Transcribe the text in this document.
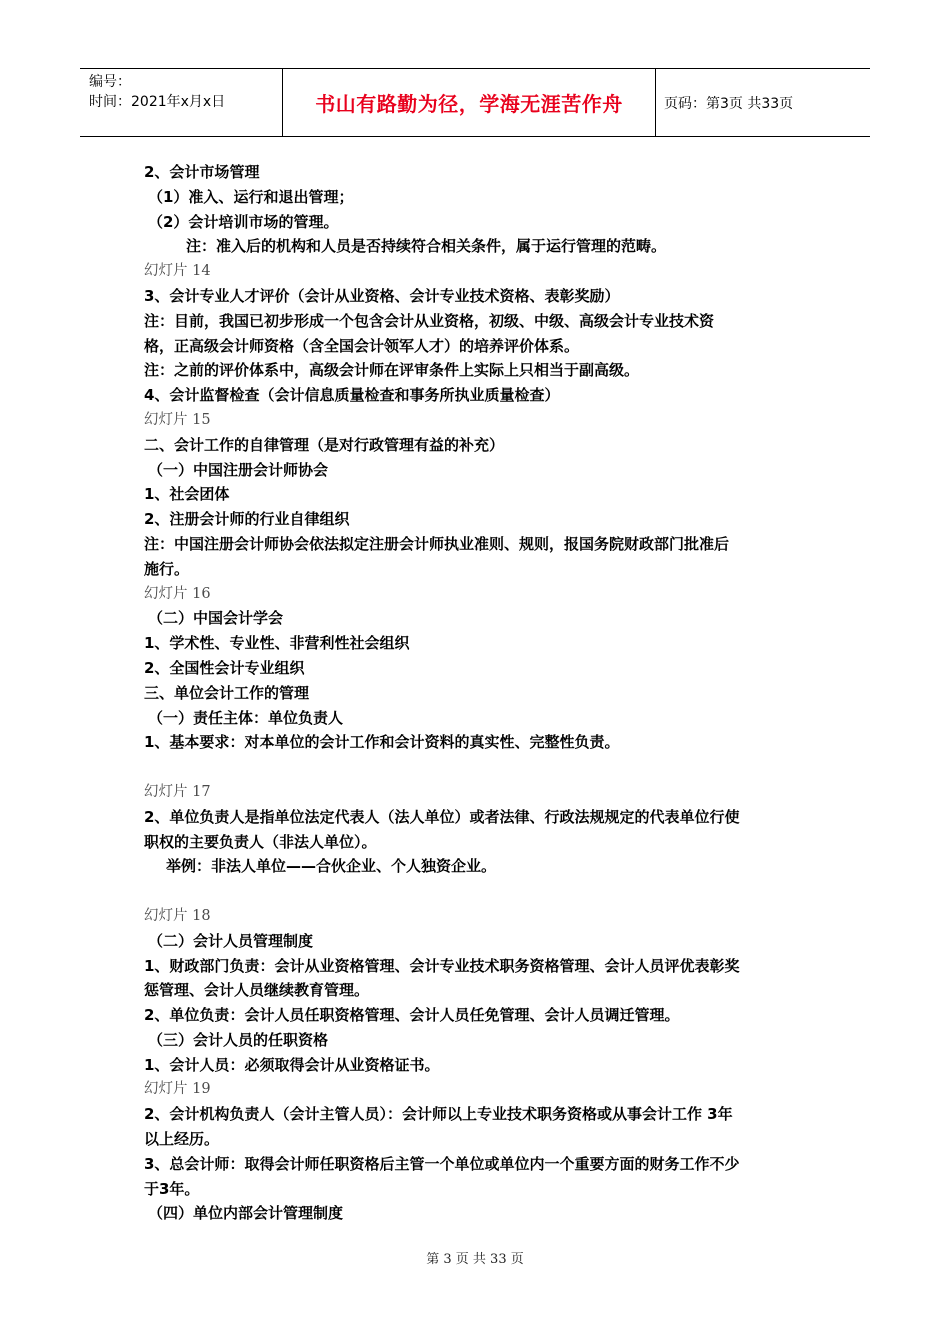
编号：
时间：2021年x月x日	书山有路勤为径，学海无涯苦作舟	页码：第3页 共33页
2、会计市场管理
（1）准入、运行和退出管理；
（2）会计培训市场的管理。
注：准入后的机构和人员是否持续符合相关条件，属于运行管理的范畴。
幻灯片 14
3、会计专业人才评价（会计从业资格、会计专业技术资格、表彰奖励）
注：目前，我国已初步形成一个包含会计从业资格，初级、中级、高级会计专业技术资
格，正高级会计师资格（含全国会计领军人才）的培养评价体系。
注：之前的评价体系中，高级会计师在评审条件上实际上只相当于副高级。
4、会计监督检查（会计信息质量检查和事务所执业质量检查）
幻灯片 15
二、会计工作的自律管理（是对行政管理有益的补充）
（一）中国注册会计师协会
1、社会团体
2、注册会计师的行业自律组织
注：中国注册会计师协会依法拟定注册会计师执业准则、规则，报国务院财政部门批准后
施行。
幻灯片 16
（二）中国会计学会
1、学术性、专业性、非营利性社会组织
2、全国性会计专业组织
三、单位会计工作的管理
（一）责任主体：单位负责人
1、基本要求：对本单位的会计工作和会计资料的真实性、完整性负责。
幻灯片 17
2、单位负责人是指单位法定代表人（法人单位）或者法律、行政法规规定的代表单位行使
职权的主要负责人（非法人单位）。
举例：非法人单位——合伙企业、个人独资企业。
幻灯片 18
（二）会计人员管理制度
1、财政部门负责：会计从业资格管理、会计专业技术职务资格管理、会计人员评优表彰奖
惩管理、会计人员继续教育管理。
2、单位负责：会计人员任职资格管理、会计人员任免管理、会计人员调迁管理。
（三）会计人员的任职资格
1、会计人员：必须取得会计从业资格证书。
幻灯片 19
2、会计机构负责人（会计主管人员）：会计师以上专业技术职务资格或从事会计工作 3年
以上经历。
3、总会计师：取得会计师任职资格后主管一个单位或单位内一个重要方面的财务工作不少
于3年。
（四）单位内部会计管理制度
第 3 页 共 33 页
